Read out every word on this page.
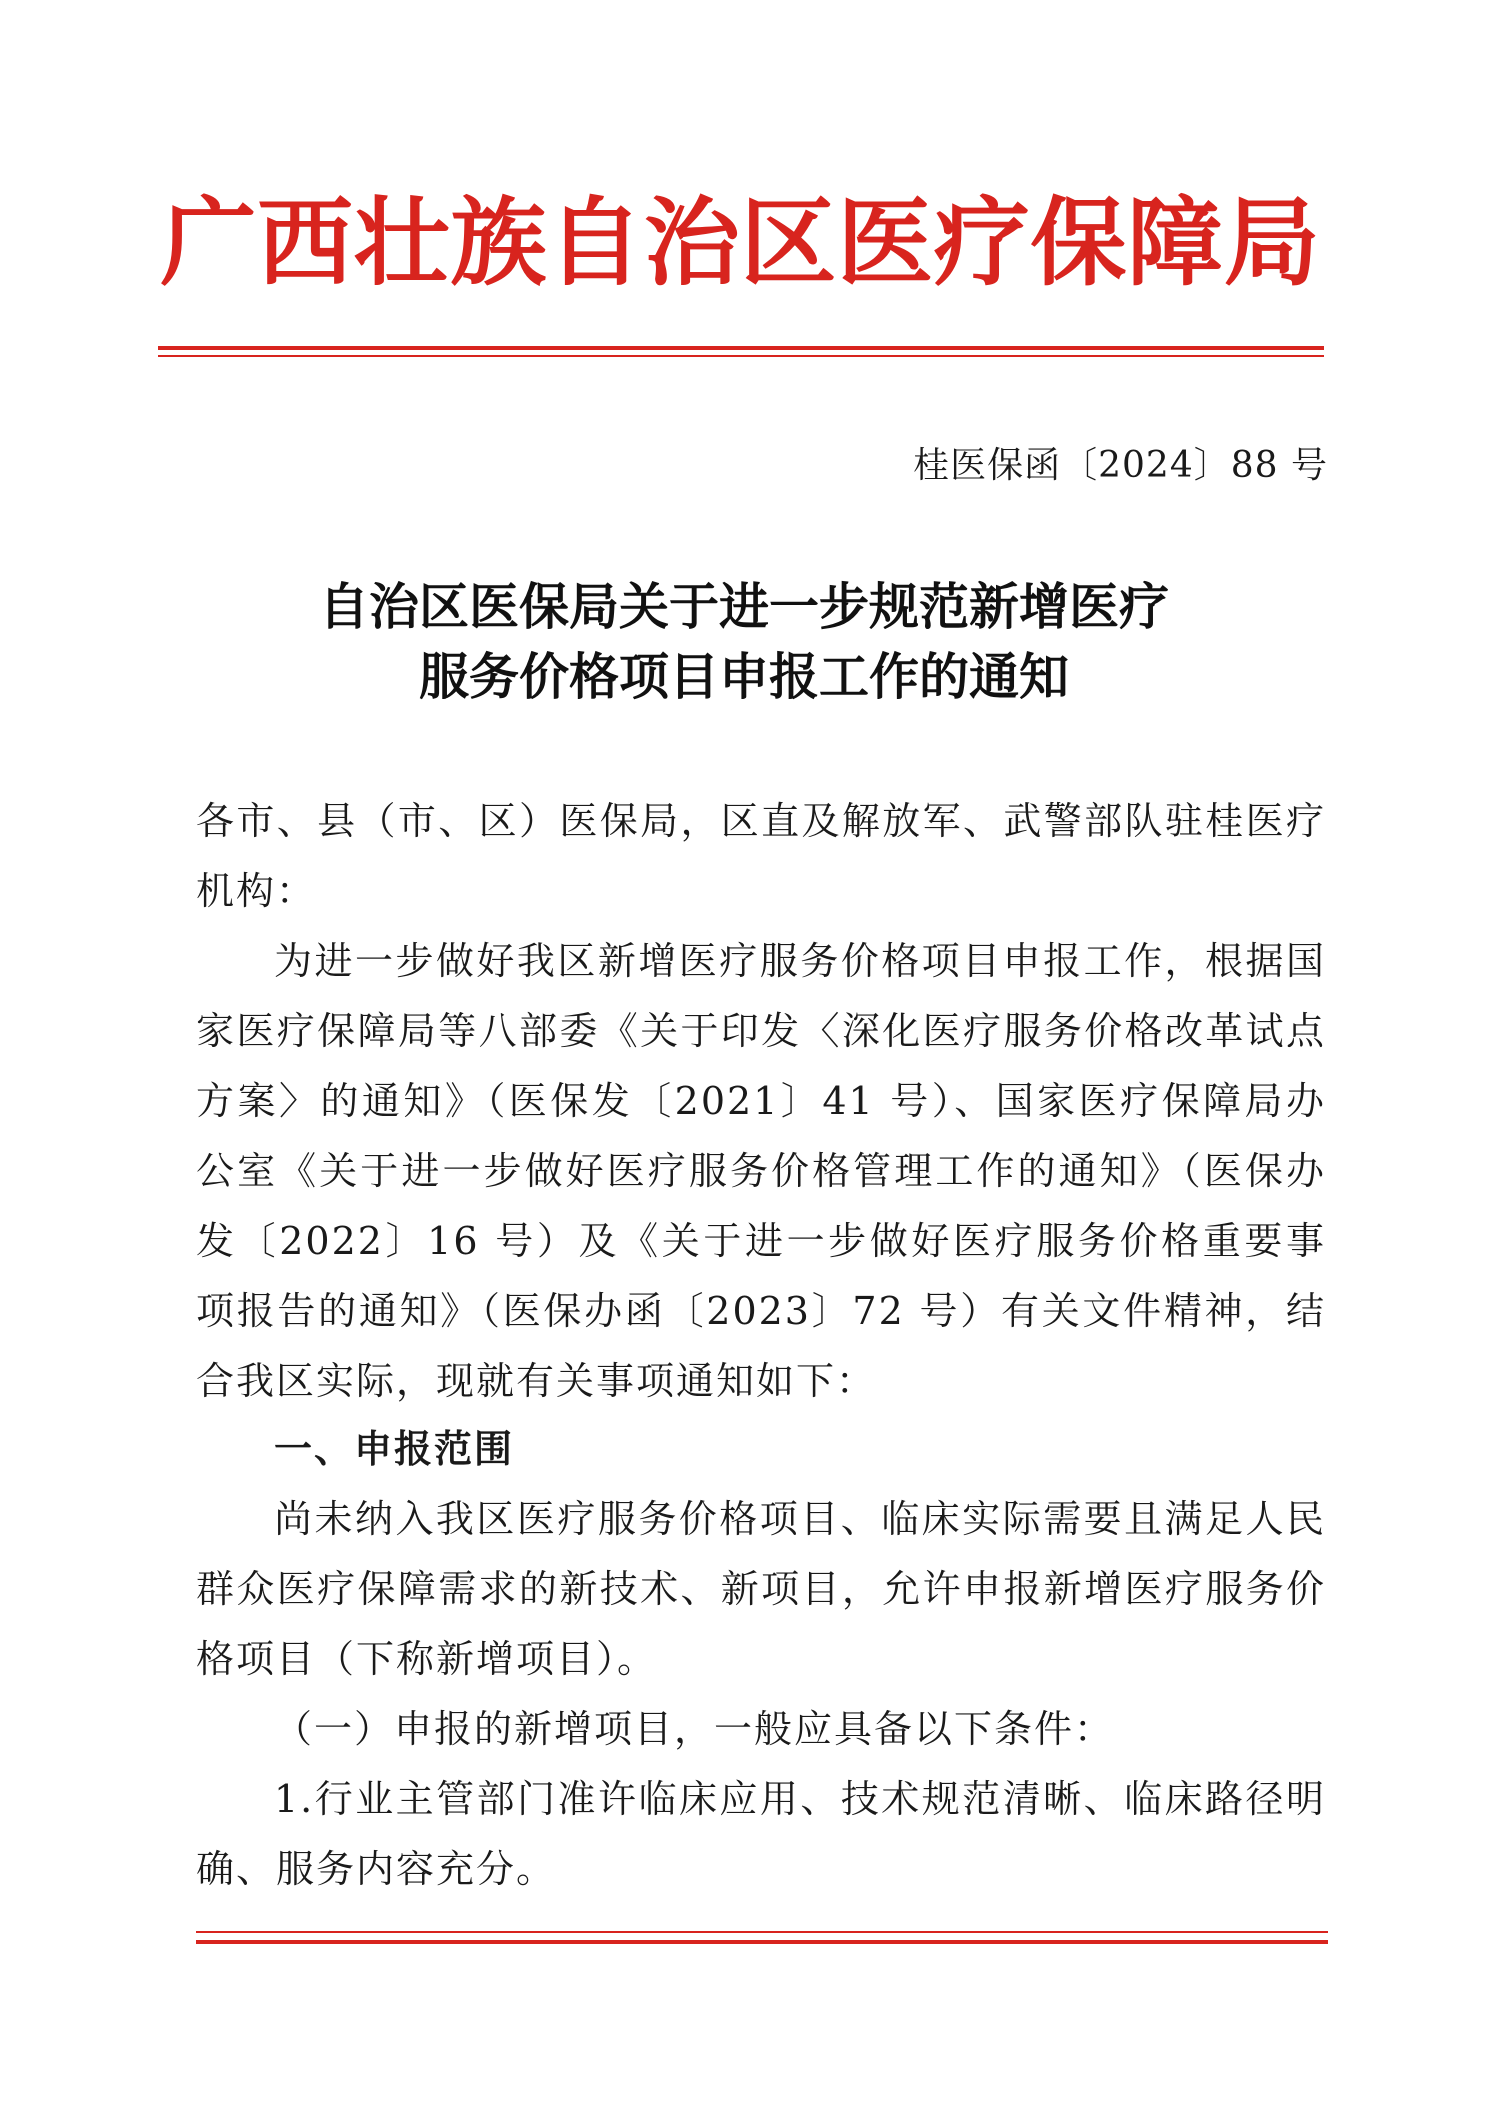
广 西 壮 族 自 治 区 医 疗 保 障 局
桂医保函〔2024〕88 号
自治区医保局关于进一步规范新增医疗
服务价格项目申报工作的通知
各市、县（市、区）医保局，区直及解放军、武警部队驻桂医疗机构：
为进一步做好我区新增医疗服务价格项目申报工作，根据国家医疗保障局等八部委《关于印发〈深化医疗服务价格改革试点方案〉的通知》（医保发〔2021〕41 号）、国家医疗保障局办公室《关于进一步做好医疗服务价格管理工作的通知》（医保办发〔2022〕16 号）及《关于进一步做好医疗服务价格重要事项报告的通知》（医保办函〔2023〕72 号）有关文件精神，结合我区实际，现就有关事项通知如下：
一、申报范围
尚未纳入我区医疗服务价格项目、临床实际需要且满足人民群众医疗保障需求的新技术、新项目，允许申报新增医疗服务价格项目（下称新增项目）。
（一）申报的新增项目，一般应具备以下条件：
1.行业主管部门准许临床应用、技术规范清晰、临床路径明确、服务内容充分。
